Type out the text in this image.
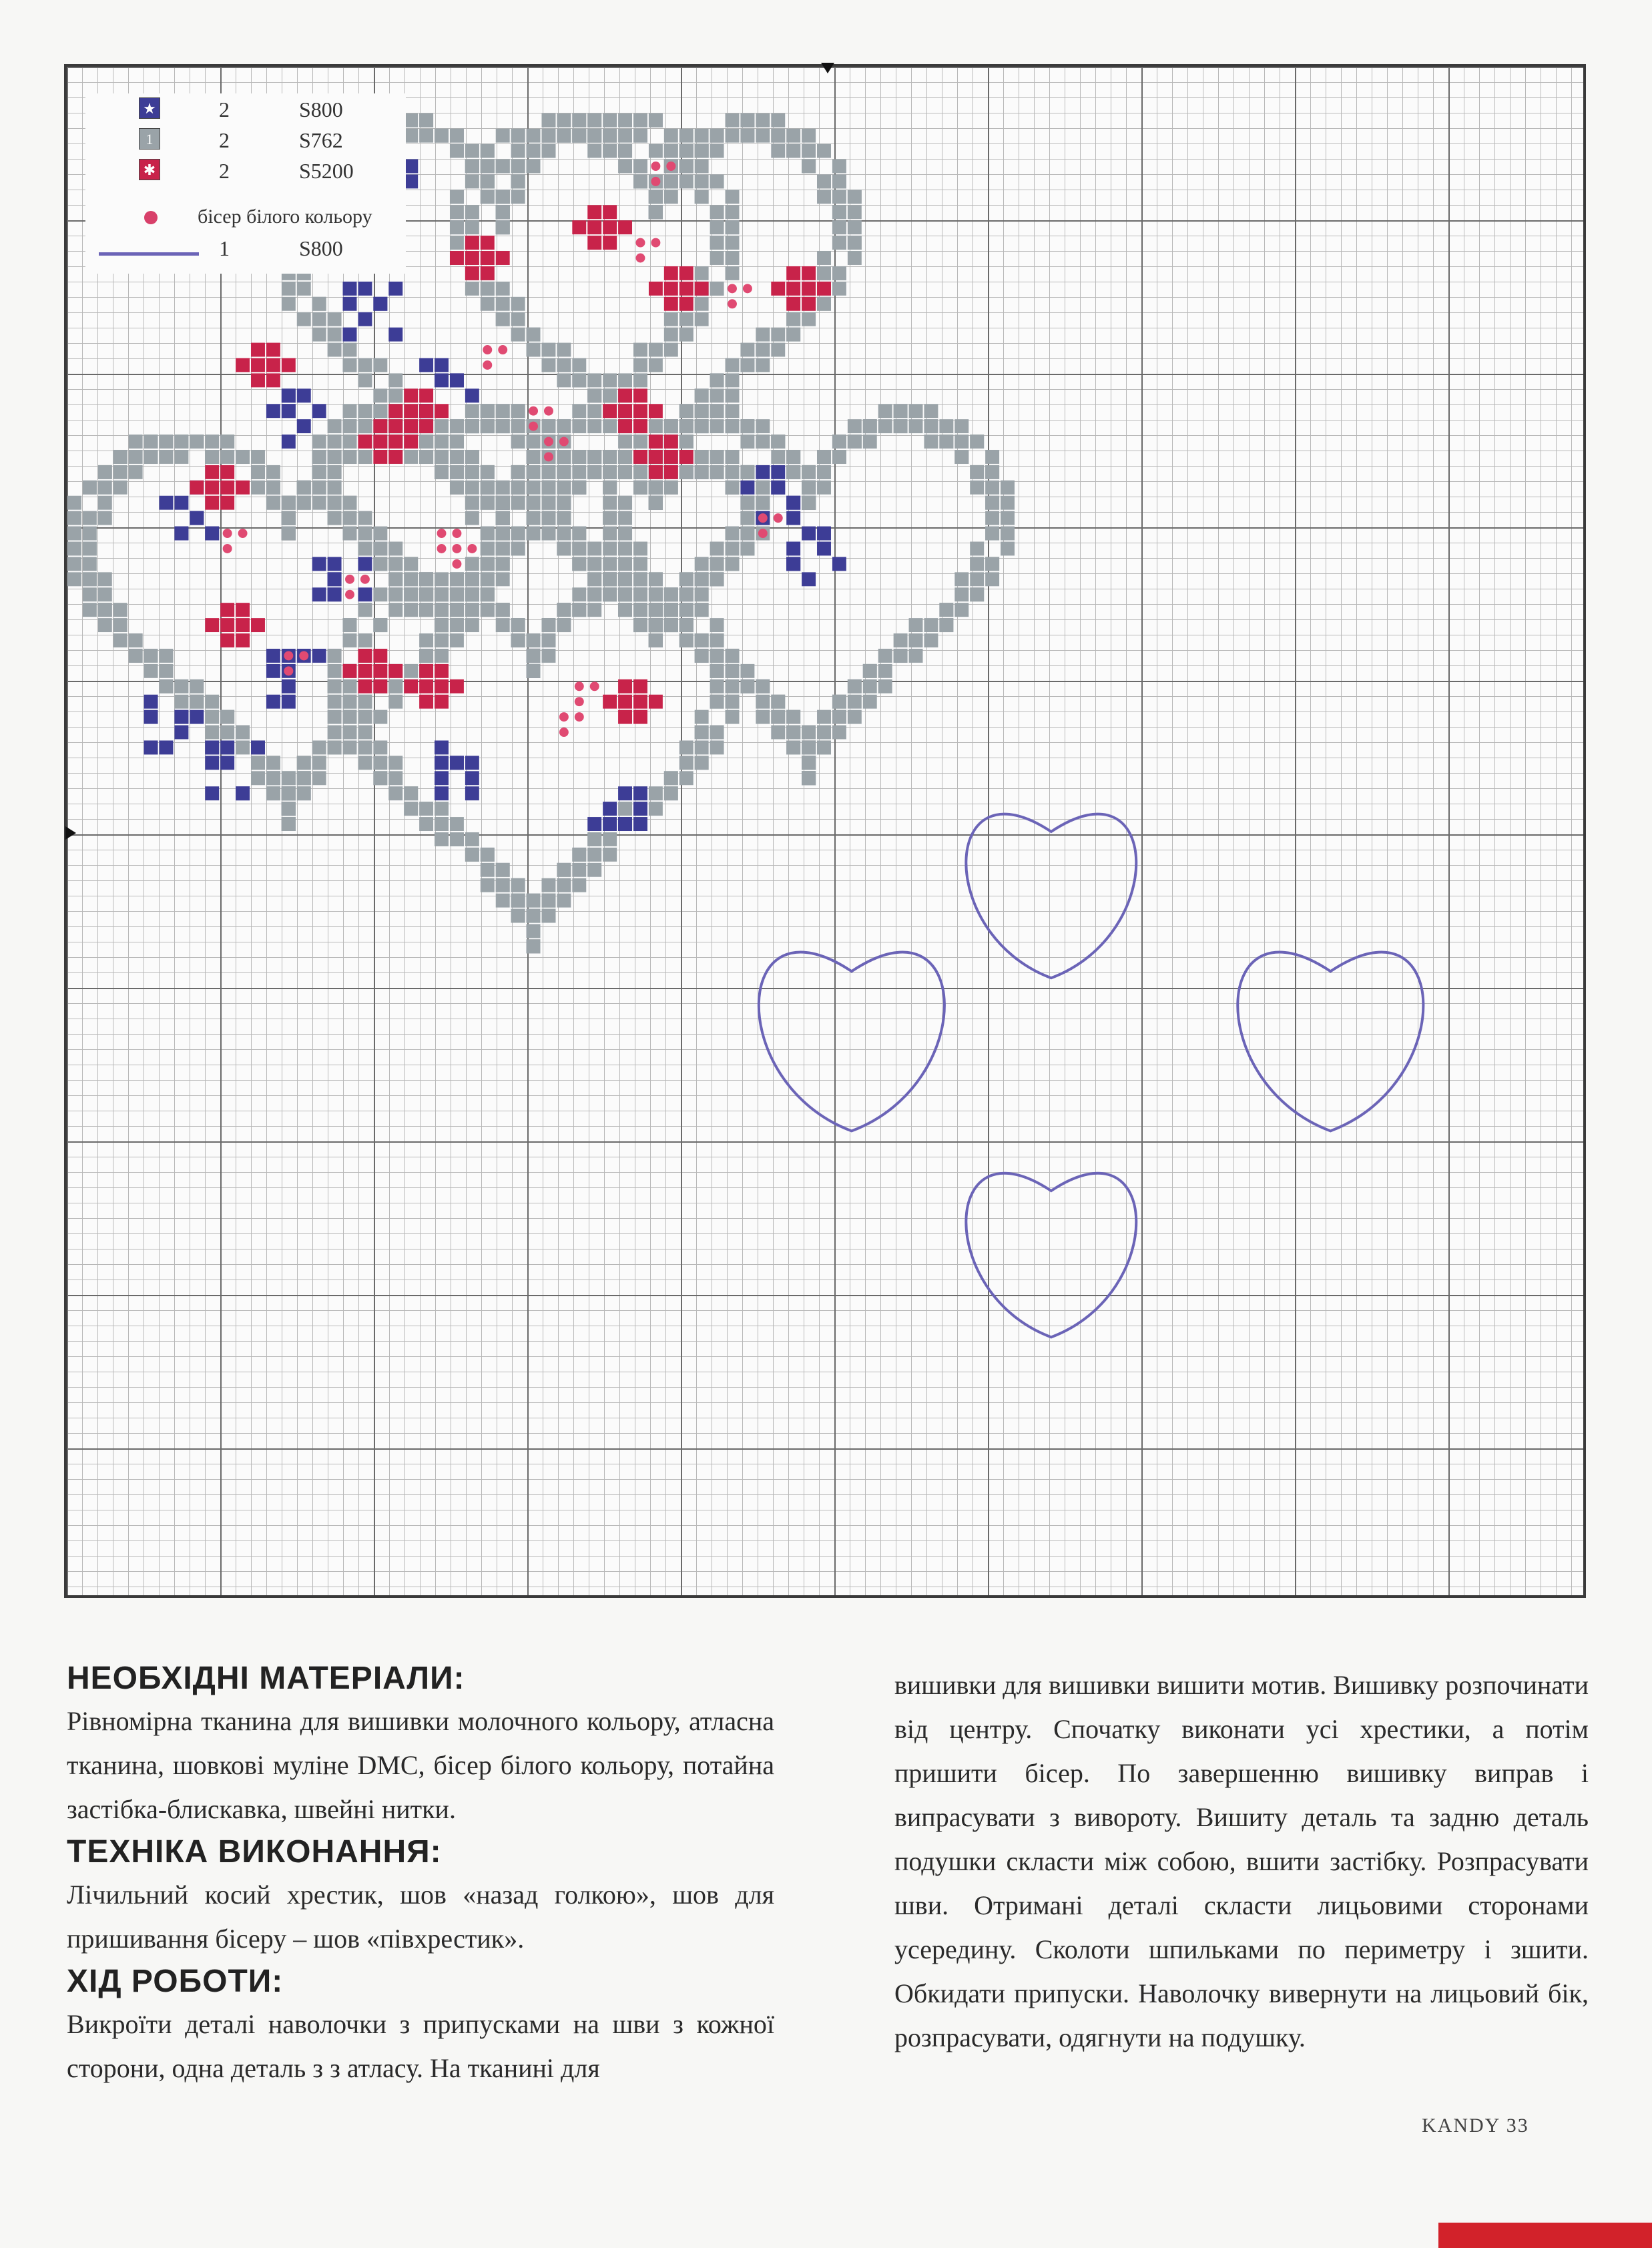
★	2	S800
1	2	S762
✱	2	S5200
бісер білого кольору
1	S800
НЕОБХІДНІ МАТЕРІАЛИ:

Рівномірна тканина для вишивки молочного кольору, атласна тканина, шовкові муліне DMC, бісер білого кольору, потайна застібка-блискавка, швейні нитки.

ТЕХНІКА ВИКОНАННЯ:

Лічильний косий хрестик, шов «назад голкою», шов для пришивання бісеру – шов «півхрестик».

ХІД РОБОТИ:

Викроїти деталі наволочки з припусками на шви з кожної сторони, одна деталь з з атласу. На тканині для

вишивки для вишивки вишити мотив. Вишивку розпочинати від центру. Спочатку виконати усі хрестики, а потім пришити бісер. По завершенню вишивку виправ і випрасувати з вивороту. Вишиту деталь та задню деталь подушки скласти між собою, вшити застібку. Розпрасувати шви. Отримані деталі скласти лицьовими сторонами усередину. Сколоти шпильками по периметру і зшити. Обкидати припуски. Наволочку вивернути на лицьовий бік, розпрасувати, одягнути на подушку.

KANDY 33
